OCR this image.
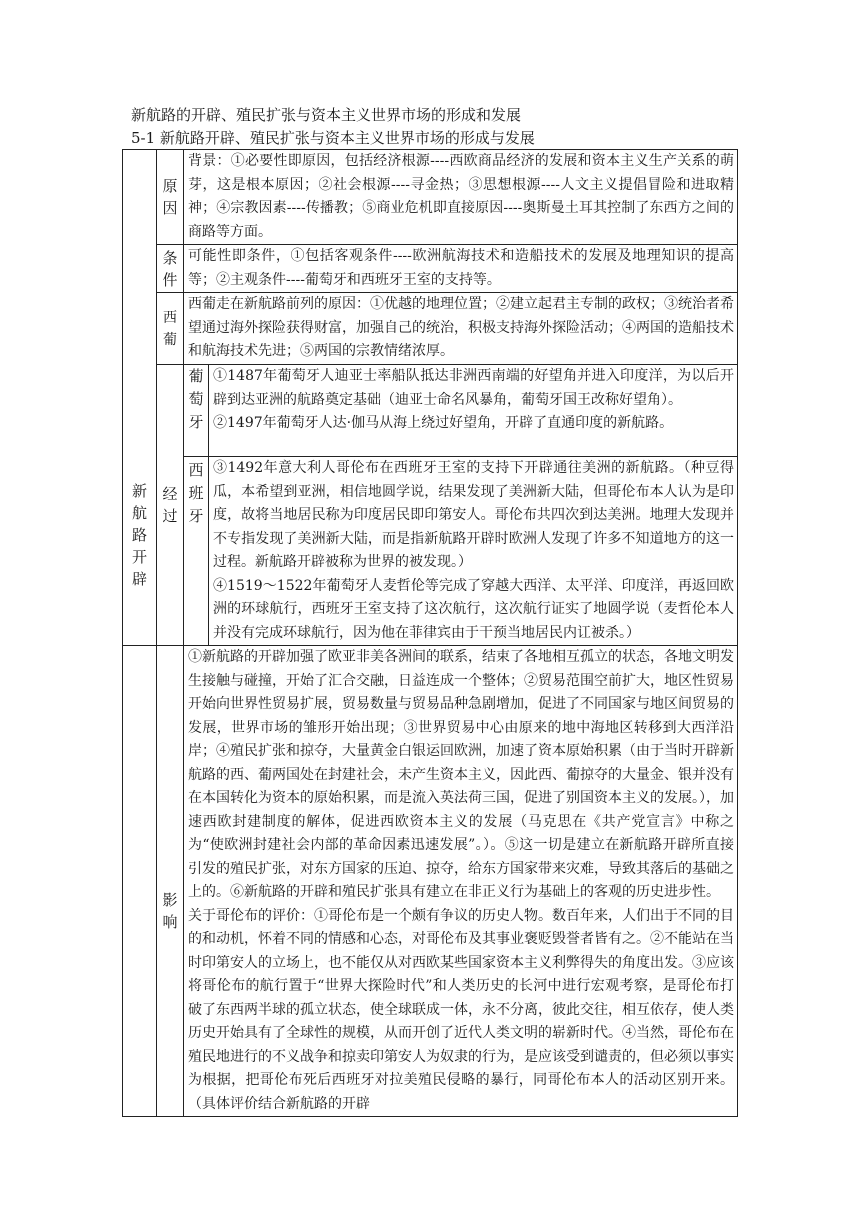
新航路的开辟、殖民扩张与资本主义世界市场的形成和发展
5-1 新航路开辟、殖民扩张与资本主义世界市场的形成与发展
新航路开辟	原因	背景：①必要性即原因，包括经济根源----西欧商品经济的发展和资本主义生产关系的萌芽，这是根本原因；②社会根源----寻金热；③思想根源----人文主义提倡冒险和进取精神；④宗教因素----传播教；⑤商业危机即直接原因----奥斯曼土耳其控制了东西方之间的商路等方面。	

	条件	可能性即条件，①包括客观条件----欧洲航海技术和造船技术的发展及地理知识的提高等；②主观条件----葡萄牙和西班牙王室的支持等。	

	西葡	西葡走在新航路前列的原因：①优越的地理位置；②建立起君主专制的政权；③统治者希望通过海外探险获得财富，加强自己的统治，积极支持海外探险活动；④两国的造船技术和航海技术先进；⑤两国的宗教情绪浓厚。	

	经过	葡萄牙	①1487年葡萄牙人迪亚士率船队抵达非洲西南端的好望角并进入印度洋，为以后开辟到达亚洲的航路奠定基础（迪亚士命名风暴角，葡萄牙国王改称好望角）。

②1497年葡萄牙人达·伽马从海上绕过好望角，开辟了直通印度的新航路。

		西班牙	③1492年意大利人哥伦布在西班牙王室的支持下开辟通往美洲的新航路。（种豆得瓜，本希望到亚洲，相信地圆学说，结果发现了美洲新大陆，但哥伦布本人认为是印度，故将当地居民称为印度居民即印第安人。哥伦布共四次到达美洲。地理大发现并不专指发现了美洲新大陆，而是指新航路开辟时欧洲人发现了许多不知道地方的这一过程。新航路开辟被称为世界的被发现。）

④1519～1522年葡萄牙人麦哲伦等完成了穿越大西洋、太平洋、印度洋，再返回欧洲的环球航行，西班牙王室支持了这次航行，这次航行证实了地圆学说（麦哲伦本人并没有完成环球航行，因为他在菲律宾由于干预当地居民内讧被杀。）

	影响	①新航路的开辟加强了欧亚非美各洲间的联系，结束了各地相互孤立的状态，各地文明发生接触与碰撞，开始了汇合交融，日益连成一个整体；②贸易范围空前扩大，地区性贸易开始向世界性贸易扩展，贸易数量与贸易品种急剧增加，促进了不同国家与地区间贸易的发展，世界市场的雏形开始出现；③世界贸易中心由原来的地中海地区转移到大西洋沿岸；④殖民扩张和掠夺，大量黄金白银运回欧洲，加速了资本原始积累（由于当时开辟新航路的西、葡两国处在封建社会，未产生资本主义，因此西、葡掠夺的大量金、银并没有在本国转化为资本的原始积累，而是流入英法荷三国，促进了别国资本主义的发展。），加速西欧封建制度的解体，促进西欧资本主义的发展（马克思在《共产党宣言》中称之为“使欧洲封建社会内部的革命因素迅速发展”。）。⑤这一切是建立在新航路开辟所直接引发的殖民扩张，对东方国家的压迫、掠夺，给东方国家带来灾难，导致其落后的基础之上的。⑥新航路的开辟和殖民扩张具有建立在非正义行为基础上的客观的历史进步性。

关于哥伦布的评价：①哥伦布是一个颇有争议的历史人物。数百年来，人们出于不同的目的和动机，怀着不同的情感和心态，对哥伦布及其事业褒贬毁誉者皆有之。②不能站在当时印第安人的立场上，也不能仅从对西欧某些国家资本主义利弊得失的角度出发。③应该将哥伦布的航行置于“世界大探险时代”和人类历史的长河中进行宏观考察，是哥伦布打破了东西两半球的孤立状态，使全球联成一体，永不分离，彼此交往，相互依存，使人类历史开始具有了全球性的规模，从而开创了近代人类文明的崭新时代。④当然，哥伦布在殖民地进行的不义战争和掠卖印第安人为奴隶的行为，是应该受到谴责的，但必须以事实为根据，把哥伦布死后西班牙对拉美殖民侵略的暴行，同哥伦布本人的活动区别开来。（具体评价结合新航路的开辟	
